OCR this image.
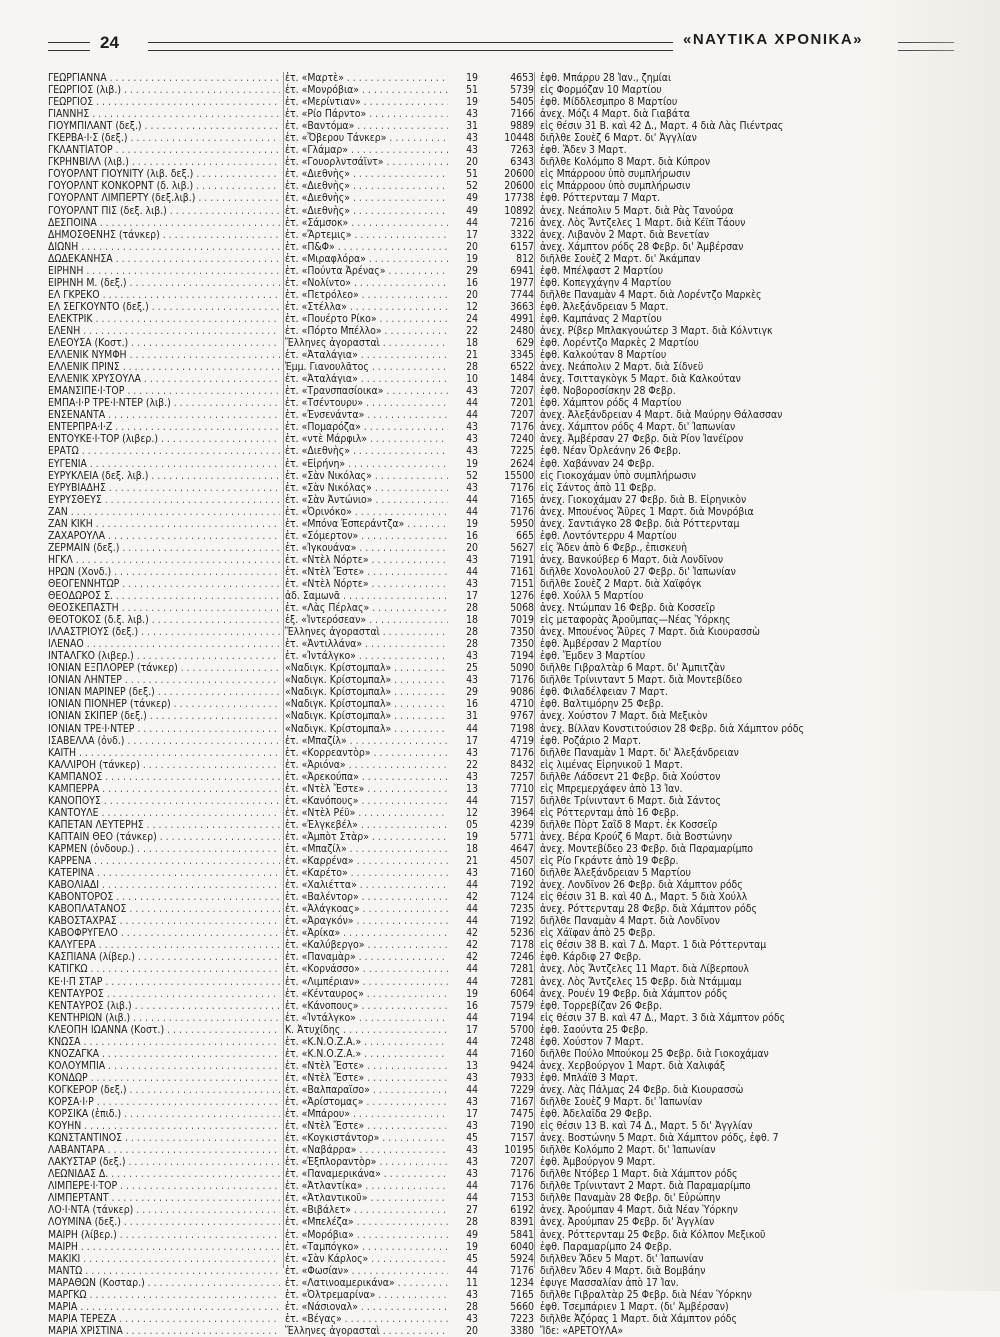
24	«ΝΑΥΤΙΚΑ ΧΡΟΝΙΚΑ»
ΓΕΩΡΓΙΑΝΝΑ . . .	ἑτ. «Μαρτὲ» . . .	19	4653 ἐφθ. Μπάρρυ 28 Ἰαν., ζημίαι
ΓΕΩΡΓΙΟΣ (λιβ.) . . .	ἑτ. «Μονρόβια» . . .	51	5739 εἰς Φορμόζαν 10 Μαρτίου
ΓΕΩΡΓΙΟΣ . . .	ἑτ. «Μερίντιαν» . . .	19	5405 ἐφθ. Μίδδλεσμπρο 8 Μαρτίου
ΓΙΑΝΝΗΣ . . .	ἑτ. «Ρίο Πάρντο» . . .	43	7166 ἀνεχ. Μόζι 4 Μαρτ. διὰ Γιαβάτα
ΓΙΟΥΜΠΙΛΑΝΤ (δεξ.) . . .	ἑτ. «Βαντόμα» . . .	31	9889 εἰς θέσιν 31 Β. καὶ 42 Δ., Μαρτ. 4 διὰ Λὰς Πιέντρας
ΓΚΕΡΒΑ·Ι·Σ (δεξ.) . . .	ἑτ. «Ὄβερου Τάνκερ» . . .	43	10448 διῆλθε Σουὲζ 6 Μαρτ. δι' Ἀγγλίαν
ΓΚΛΑΝΤΙΑΤΟΡ . . .	ἑτ. «Γλάμαρ» . . .	43	7263 ἐφθ. Ἄδεν 3 Μαρτ.
ΓΚΡΗΝΒΙΛΛ (λιβ.) . . .	ἑτ. «Γουορλντσάϊντ» . . .	20	6343 διῆλθε Κολόμπο 8 Μαρτ. διὰ Κύπρον
ΓΟΥΟΡΛΝΤ ΓΙΟΥΝΙΤΥ (λιβ. δεξ.) . . .	ἑτ. «Διεθνὴς» . . .	51	20600 εἰς Μπάρροου ὑπὸ συμπλήρωσιν
ΓΟΥΟΡΛΝΤ ΚΟΝΚΟΡΝΤ (δ. λιβ.) . . .	ἑτ. «Διεθνὴς» . . .	52	20600 εἰς Μπάρροου ὑπὸ συμπλήρωσιν
ΓΟΥΟΡΛΝΤ ΛΙΜΠΕΡΤΥ (δεξ.λιβ.) . . .	ἑτ. «Διεθνὴς» . . .	49	17738 ἐφθ. Ρόττερνταμ 7 Μαρτ.
ΓΟΥΟΡΛΝΤ ΠΙΣ (δεξ. λιβ.) . . .	ἑτ. «Διεθνὴς» . . .	49	10892 ἀνεχ. Νεάπολιν 5 Μαρτ. διὰ Ρὰς Τανούρα
ΔΕΣΠΟΙΝΑ . . .	ἑτ. «Σάμσοκ» . . .	44	7216 ἀνεχ. Λὸς Ἄντζελες 1 Μαρτ. διὰ Κέϊπ Τάουν
ΔΗΜΟΣΘΕΝΗΣ (τάνκερ) . . .	ἑτ. «Ἄρτεμις» . . .	17	3322 ἀνεχ. Λιβανὸν 2 Μαρτ. διὰ Βενετίαν
ΔΙΩΝΗ . . .	ἑτ. «Π&Φ» . . .	20	6157 ἀνεχ. Χάμπτον ρόδς 28 Φεβρ. δι' Ἀμβέρσαν
ΔΩΔΕΚΑΝΗΣΑ . . .	ἑτ. «Μιραφλόρα» . . .	19	812 διῆλθε Σουὲζ 2 Μαρτ. δι' Ἀκάμπαν
ΕΙΡΗΝΗ . . .	ἑτ. «Πούντα Ἀρένας» . . .	29	6941 ἐφθ. Μπέλφαστ 2 Μαρτίου
ΕΙΡΗΝΗ Μ. (δεξ.) . . .	ἑτ. «Νολίντο» . . .	16	1977 ἐφθ. Κοπεγχάγην 4 Μαρτίου
ΕΛ ΓΚΡΕΚΟ . . .	ἑτ. «Πετρόλεο» . . .	20	7744 διῆλθε Παναμὰν 4 Μαρτ. διὰ Λορέντζο Μαρκὲς
ΕΛ ΣΕΓΚΟΥΝΤΟ (δεξ.) . . .	ἑτ. «Στέλλα» . . .	12	3663 ἐφθ. Ἀλεξάνδρειαν 5 Μαρτ.
ΕΛΕΚΤΡΙΚ . . .	ἑτ. «Πουέρτο Ρίκο» . . .	24	4991 ἐφθ. Καμπάνας 2 Μαρτίου
ΕΛΕΝΗ . . .	ἑτ. «Πόρτο Μπέλλο» . . .	22	2480 ἀνεχ. Ρίβερ Μπλακγουώτερ 3 Μαρτ. διὰ Κόλντιγκ
ΕΛΕΟΥΣΑ (Κοστ.) . . .	Ἕλληνες ἀγορασταὶ . . .	18	629 ἐφθ. Λορέντζο Μαρκὲς 2 Μαρτίου
ΕΛΛΕΝΙΚ ΝΥΜΦΗ . . .	ἑτ. «Ἀταλάγια» . . .	21	3345 ἐφθ. Καλκούταν 8 Μαρτίου
ΕΛΛΕΝΙΚ ΠΡΙΝΣ . . .	Ἐμμ. Γιανουλᾶτος . . .	28	6522 ἀνεχ. Νεάπολιν 2 Μαρτ. διὰ Σίδνεϋ
ΕΛΛΕΝΙΚ ΧΡΥΣΟΥΛΑ . . .	ἑτ. «Ἀταλάγια» . . .	10	1484 ἀνεχ. Τσιτταγκὸγκ 5 Μαρτ. διὰ Καλκούταν
ΕΜΑΝΣΙΠΕ·Ι·ΤΟΡ . . .	ἑτ. «Τρανσπασίοικα» . . .	43	7207 ἐφθ. Νοβοροσίσκην 28 Φεβρ.
ΕΜΠΑ·Ι·Ρ ΤΡΕ·Ι·ΝΤΕΡ (λιβ.) . . .	ἑτ. «Τσέντουρυ» . . .	44	7201 ἐφθ. Χάμπτον ρόδς 4 Μαρτίου
ΕΝΣΕΝΑΝΤΑ . . .	ἑτ. «Ἐνσενάντα» . . .	44	7207 ἀνεχ. Ἀλεξάνδρειαν 4 Μαρτ. διὰ Μαύρην Θάλασσαν
ΕΝΤΕΡΠΡΑ·Ι·Ζ . . .	ἑτ. «Πομαρόζα» . . .	43	7176 ἀνεχ. Χάμπτον ρόδς 4 Μαρτ. δι' Ἰαπωνίαν
ΕΝΤΟΥΚΕ·Ι·ΤΟΡ (λιβερ.) . . .	ἑτ. «ντὲ Μάρφιλ» . . .	43	7240 ἀνεχ. Ἀμβέρσαν 27 Φεβρ. διὰ Ρίον Ἰανέϊρον
ΕΡΑΤΩ . . .	ἑτ. «Διεθνὴς» . . .	43	7225 ἐφθ. Νέαν Ὀρλεάνην 26 Φεβρ.
ΕΥΓΕΝΙΑ . . .	ἑτ. «Εἰρήνη» . . .	19	2624 ἐφθ. Χαβάνναν 24 Φεβρ.
ΕΥΡΥΚΛΕΙΑ (δεξ. λιβ.) . . .	ἑτ. «Σὰν Νικόλας» . . .	52	15500 εἰς Γιοκοχάμαν ὑπὸ συμπλήρωσιν
ΕΥΡΥΒΙΑΔΗΣ . . .	ἑτ. «Σὰν Νικόλας» . . .	43	7176 εἰς Σάντος ἀπὸ 11 Φεβρ.
ΕΥΡΥΣΘΕΥΣ . . .	ἑτ. «Σὰν Ἀντώνιο» . . .	44	7165 ἀνεχ. Γιοκοχάμαν 27 Φεβρ. διὰ Β. Εἰρηνικὸν
ΖΑΝ . . .	ἑτ. «Ὀρινόκο» . . .	44	7176 ἀνεχ. Μπουένος Ἄϋρες 1 Μαρτ. διὰ Μονρόβια
ΖΑΝ ΚΙΚΗ . . .	ἑτ. «Μπόνα Ἐσπεράντζα» . . .	19	5950 ἀνεχ. Σαντιάγκο 28 Φεβρ. διὰ Ρόττερνταμ
ΖΑΧΑΡΟΥΛΑ . . .	ἑτ. «Σόμερτον» . . .	16	665 ἐφθ. Λοντόντερρυ 4 Μαρτίου
ΖΕΡΜΑΙΝ (δεξ.) . . .	ἑτ. «Ἰγκουάνα» . . .	20	5627 εἰς Ἄδεν ἀπὸ 6 Φεβρ., ἐπισκευὴ
ΗΓΚΛ . . .	ἑτ. «Ντὲλ Νόρτε» . . .	43	7191 ἀνεχ. Βανκούβερ 6 Μαρτ. διὰ Λονδῖνον
ΗΡΩΝ (Χονδ.) . . .	ἑτ. «Ντὲλ Ἔστε» . . .	44	7161 διῆλθε Χονολουλοῦ 27 Φεβρ. δι' Ἰαπωνίαν
ΘΕΟΓΕΝΝΗΤΩΡ . . .	ἑτ. «Ντὲλ Νόρτε» . . .	43	7151 διῆλθε Σουὲζ 2 Μαρτ. διὰ Χαϊφόγκ
ΘΕΟΔΩΡΟΣ Σ. . . .	ἀδ. Σαμωνᾶ . . .	17	1276 ἐφθ. Χούλλ 5 Μαρτίου
ΘΕΟΣΚΕΠΑΣΤΗ . . .	ἑτ. «Λὰς Πέρλας» . . .	28	5068 ἀνεχ. Ντώμπαν 16 Φεβρ. διὰ Κοσσεΐρ
ΘΕΟΤΟΚΟΣ (δ.ξ. λιβ.) . . .	ἑξ. «Ἰντερόσεαν» . . .	18	7019 εἰς μεταφορὰς Ἀροῦμπας—Νέας Ὑόρκης
ΙΛΛΑΣΤΡΙΟΥΣ (δεξ.) . . .	Ἕλληνες ἀγορασταὶ . . .	28	7350 ἀνεχ. Μπουένος Ἄϋρες 7 Μαρτ. διὰ Κιουρασσὼ
ΙΛΕΝΑΟ . . .	ἑτ. «Ἀντιλλάνα» . . .	28	7350 ἐφθ. Ἀμβέρσαν 2 Μαρτίου
ΙΝΤΑΛΓΚΟ (λιβερ.) . . .	ἑτ. «Ἰντάλγκο» . . .	43	7194 ἐφθ. Ἔμδεν 3 Μαρτίου
ΙΟΝΙΑΝ ΕΞΠΛΟΡΕΡ (τάνκερ) . . .	«Ναδιγκ. Κρίστομπαλ» . . .	25	5090 διῆλθε Γιβραλτὰρ 6 Μαρτ. δι' Ἀμπιτζὰν
ΙΟΝΙΑΝ ΛΗΝΤΕΡ . . .	«Ναδιγκ. Κρίστομπαλ» . . .	43	7176 διῆλθε Τρίνινταντ 5 Μαρτ. διὰ Μοντεβίδεο
ΙΟΝΙΑΝ ΜΑΡΙΝΕΡ (δεξ.) . . .	«Ναδιγκ. Κρίστομπαλ» . . .	29	9086 ἐφθ. Φιλαδέλφειαν 7 Μαρτ.
ΙΟΝΙΑΝ ΠΙΟΝΗΕΡ (τάνκερ) . . .	«Ναδιγκ. Κρίστομπαλ» . . .	16	4710 ἐφθ. Βαλτιμόρην 25 Φεβρ.
ΙΟΝΙΑΝ ΣΚΙΠΕΡ (δεξ.) . . .	«Ναδιγκ. Κρίστομπαλ» . . .	31	9767 ἀνεχ. Χούστον 7 Μαρτ. διὰ Μεξικὸν
ΙΟΝΙΑΝ ΤΡΕ·Ι·ΝΤΕΡ . . .	«Ναδιγκ. Κρίστομπαλ» . . .	44	7198 ἀνεχ. Βίλλαν Κονστιτούσιον 28 Φεβρ. διὰ Χάμπτον ρόδς
ΙΣΑΒΕΛΛΑ (ὀνδ.) . . .	ἑτ. «Μπαζίλ» . . .	17	4719 ἐφθ. Ροζάριο 2 Μαρτ.
ΚΑΙΤΗ . . .	ἑτ. «Κορρεαντὸρ» . . .	43	7176 διῆλθε Παναμὰν 1 Μαρτ. δι' Ἀλεξάνδρειαν
ΚΑΛΛΙΡΟΗ (τάνκερ) . . .	ἑτ. «Ἀριόνα» . . .	22	8432 εἰς λιμένας Εἰρηνικοῦ 1 Μαρτ.
ΚΑΜΠΑΝΟΣ . . .	ἑτ. «Ἀρεκούπα» . . .	43	7257 διῆλθε Λάδσεντ 21 Φεβρ. διὰ Χούστον
ΚΑΜΠΕΡΡΑ . . .	ἑτ. «Ντὲλ Ἔστε» . . .	13	7710 εἰς Μπρεμερχάφεν ἀπὸ 13 Ἰαν.
ΚΑΝΟΠΟΥΣ . . .	ἑτ. «Κανόπους» . . .	44	7157 διῆλθε Τρίνινταντ 6 Μαρτ. διὰ Σάντος
ΚΑΝΤΟΥΛΕ . . .	ἑτ. «Ντὲλ Ρέϋ» . . .	12	3964 εἰς Ρόττερνταμ ἀπὸ 16 Φεβρ.
ΚΑΠΕΤΑΝ ΛΕΥΤΕΡΗΣ . . .	ἑτ. «Ἐλγκεβέλ» . . .	05	4239 διῆλθε Πὸρτ Σαΐδ 8 Μαρτ. ἐκ Κοσσεΐρ
ΚΑΠΤΑΙΝ ΘΕΟ (τάνκερ) . . .	ἑτ. «Ἀμπὸτ Στὰρ» . . .	19	5771 ἀνεχ. Βέρα Κρούζ 6 Μαρτ. διὰ Βοστώνην
ΚΑΡΜΕΝ (ὀνδουρ.) . . .	ἑτ. «Μπαζίλ» . . .	18	4647 ἀνεχ. Μοντεβίδεο 23 Φεβρ. διὰ Παραμαρίμπο
ΚΑΡΡΕΝΑ . . .	ἑτ. «Καρρένα» . . .	21	4507 εἰς Ρίο Γκράντε ἀπὸ 19 Φεβρ.
ΚΑΤΕΡΙΝΑ . . .	ἑτ. «Καρέτο» . . .	43	7160 διῆλθε Ἀλεξάνδρειαν 5 Μαρτίου
ΚΑΒΟΛΙΑΔΙ . . .	ἑτ. «Χαλιέττα» . . .	44	7192 ἀνεχ. Λονδῖνον 26 Φεβρ. διὰ Χάμπτον ρόδς
ΚΑΒΟΝΤΟΡΟΣ . . .	ἑτ. «Βαλέντορ» . . .	42	7124 εἰς θέσιν 31 Β. καὶ 40 Δ., Μαρτ. 5 διὰ Χούλλ
ΚΑΒΟΠΛΑΤΑΝΟΣ . . .	ἑτ. «Ἀλάγκοας» . . .	44	7235 ἀνεχ. Ρόττερνταμ 28 Φεβρ. διὰ Χάμπτον ρόδς
ΚΑΒΟΣΤΑΧΡΑΣ . . .	ἑτ. «Ἀραγκόν» . . .	44	7192 διῆλθε Παναμὰν 4 Μαρτ. διὰ Λονδῖνον
ΚΑΒΟΦΡΥΓΕΛΟ . . .	ἑτ. «Ἀρίκα» . . .	42	5236 εἰς Χάϊφαν ἀπὸ 25 Φεβρ.
ΚΑΛΥΓΕΡΑ . . .	ἑτ. «Καλύβεργο» . . .	42	7178 εἰς θέσιν 38 Β. καὶ 7 Δ. Μαρτ. 1 διὰ Ρόττερνταμ
ΚΑΣΠΙΑΝΑ (λίβερ.) . . .	ἑτ. «Παναμὰρ» . . .	42	7246 ἐφθ. Κάρδιφ 27 Φεβρ.
ΚΑΤΙΓΚΩ . . .	ἑτ. «Κορνάσσο» . . .	44	7281 ἀνεχ. Λὸς Ἄντζελες 11 Μαρτ. διὰ Λίβερπουλ
ΚΕ·Ι·Π ΣΤΑΡ . . .	ἑτ. «Λιμπέριαν» . . .	44	7281 ἀνεχ. Λὸς Ἄντζελες 15 Φεβρ. διὰ Ντάμμαμ
ΚΕΝΤΑΥΡΟΣ . . .	ἑτ. «Κένταυρος» . . .	19	6064 ἀνεχ. Ρουέν 19 Φεβρ. διὰ Χάμπτον ρόδς
ΚΕΝΤΑΥΡΟΣ (λιβ.) . . .	ἑτ. «Κάνοπους» . . .	16	7579 ἐφθ. Τορρεβίζαν 26 Φεβρ.
ΚΕΝΤΗΡΙΩΝ (λιβ.) . . .	ἑτ. «Ἰντάλγκο» . . .	44	7194 εἰς θέσιν 37 Β. καὶ 47 Δ., Μαρτ. 3 διὰ Χάμπτον ρόδς
ΚΛΕΟΠΗ ΙΩΑΝΝΑ (Κοστ.) . . .	Κ. Ἀτυχίδης . . .	17	5700 ἐφθ. Σαούντα 25 Φεβρ.
ΚΝΩΣΑ . . .	ἑτ. «Κ.Ν.Ο.Ζ.Α.» . . .	44	7248 ἐφθ. Χούστον 7 Μαρτ.
ΚΝΟΖΑΓΚΑ . . .	ἑτ. «Κ.Ν.Ο.Ζ.Α.» . . .	44	7160 διῆλθε Πούλο Μπούκομ 25 Φεβρ. διὰ Γιοκοχάμαν
ΚΟΛΟΥΜΠΙΑ . . .	ἑτ. «Ντὲλ Ἔστε» . . .	13	9424 ἀνεχ. Χερβούργον 1 Μαρτ. διὰ Χαλιφάξ
ΚΟΝΔΩΡ . . .	ἑτ. «Ντὲλ Ἔστε» . . .	43	7933 ἐφθ. Μπλάϊθ 3 Μαρτ.
ΚΟΓΚΕΡΟΡ (δεξ.) . . .	ἑτ. «Βαλπαραϊσο» . . .	44	7229 ἀνεχ. Λὰς Πάλμας 24 Φεβρ. διὰ Κιουρασσὼ
ΚΟΡΣΑ·Ι·Ρ . . .	ἑτ. «Ἀρίστομας» . . .	43	7167 διῆλθε Σουὲζ 9 Μαρτ. δι' Ἰαπωνίαν
ΚΟΡΣΙΚΑ (ἐπιδ.) . . .	ἑτ. «Μπάρου» . . .	17	7475 ἐφθ. Ἀδελαΐδα 29 Φεβρ.
ΚΟΥΗΝ . . .	ἑτ. «Ντὲλ Ἔστε» . . .	43	7190 εἰς θέσιν 13 Β. καὶ 74 Δ., Μαρτ. 5 δι' Ἀγγλίαν
ΚΩΝΣΤΑΝΤΙΝΟΣ . . .	ἑτ. «Κογκιστάντορ» . . .	45	7157 ἀνεχ. Βοστώνην 5 Μαρτ. διὰ Χάμπτον ρόδς, ἐφθ. 7
ΛΑΒΑΝΤΑΡΑ . . .	ἑτ. «Ναβάρρα» . . .	43	10195 διῆλθε Κολόμπο 2 Μαρτ. δι' Ἰαπωνίαν
ΛΑΚΥΣΤΑΡ (δεξ.) . . .	ἑτ. «Ἐξπλοραντὸρ» . . .	43	7207 ἐφθ. Ἀμβούργον 9 Μαρτ.
ΛΕΩΝΙΔΑΣ Δ. . . .	ἑτ. «Παναμερικάνα» . . .	43	7176 διῆλθε Ντόβερ 1 Μαρτ. διὰ Χάμπτον ρόδς
ΛΙΜΠΕΡΕ·Ι·ΤΟΡ . . .	ἑτ. «Ἀτλαντίκα» . . .	44	7176 διῆλθε Τρίνινταντ 2 Μαρτ. διὰ Παραμαρίμπο
ΛΙΜΠΕΡΤΑΝΤ . . .	ἑτ. «Ἀτλαντικοῦ» . . .	44	7153 διῆλθε Παναμὰν 28 Φεβρ. δι' Εὐρώπην
ΛΟ·Ι·ΝΤΑ (τάνκερ) . . .	ἑτ. «Βιβάλετ» . . .	27	6192 ἀνεχ. Ἀρούμπαν 4 Μαρτ. διὰ Νέαν Ὑόρκην
ΛΟΥΜΙΝΑ (δεξ.) . . .	ἑτ. «Μπελέζα» . . .	28	8391 ἀνεχ. Ἀρούμπαν 25 Φεβρ. δι' Ἀγγλίαν
ΜΑΙΡΗ (λίβερ.) . . .	ἑτ. «Μορόβια» . . .	49	5841 ἀνεχ. Ρόττερνταμ 25 Φεβρ. διὰ Κόλπον Μεξικοῦ
ΜΑΙΡΗ . . .	ἑτ. «Ταμπόγκο» . . .	19	6040 ἐφθ. Παραμαρίμπο 24 Φεβρ.
ΜΑΚΙΚΙ . . .	ἑτ. «Σὰν Κάρλος» . . .	45	5924 διῆλθεν Ἄδεν 5 Μαρτ. δι' Ἰαπωνίαν
ΜΑΝΤΩ . . .	ἑτ. «Φωσίαν» . . .	44	7176 διῆλθεν Ἄδεν 4 Μαρτ. διὰ Βομβάην
ΜΑΡΑΘΩΝ (Κοσταρ.) . . .	ἑτ. «Λατινοαμερικάνα» . . .	11	1234 ἐφυγε Μασσαλίαν ἀπὸ 17 Ἰαν.
ΜΑΡΓΚΩ . . .	ἑτ. «Ὀλτρεμαρίνα» . . .	43	7165 διῆλθε Γιβραλτὰρ 25 Φεβρ. διὰ Νέαν Ὑόρκην
ΜΑΡΙΑ . . .	ἑτ. «Νάσιοναλ» . . .	28	5660 ἐφθ. Τσεμπάριεν 1 Μαρτ. (δι' Ἀμβέρσαν)
ΜΑΡΙΑ ΤΕΡΕΖΑ . . .	ἑτ. «Βέγας» . . .	43	7223 διῆλθε Ἀζόρας 1 Μαρτ. διὰ Χάμπτον ρόδς
ΜΑΡΙΑ ΧΡΙΣΤΙΝΑ . . .	Ἕλληνες ἀγορασταὶ . . .	20	3380 Ἴδε: «ΑΡΕΤΟΥΛΑ»
